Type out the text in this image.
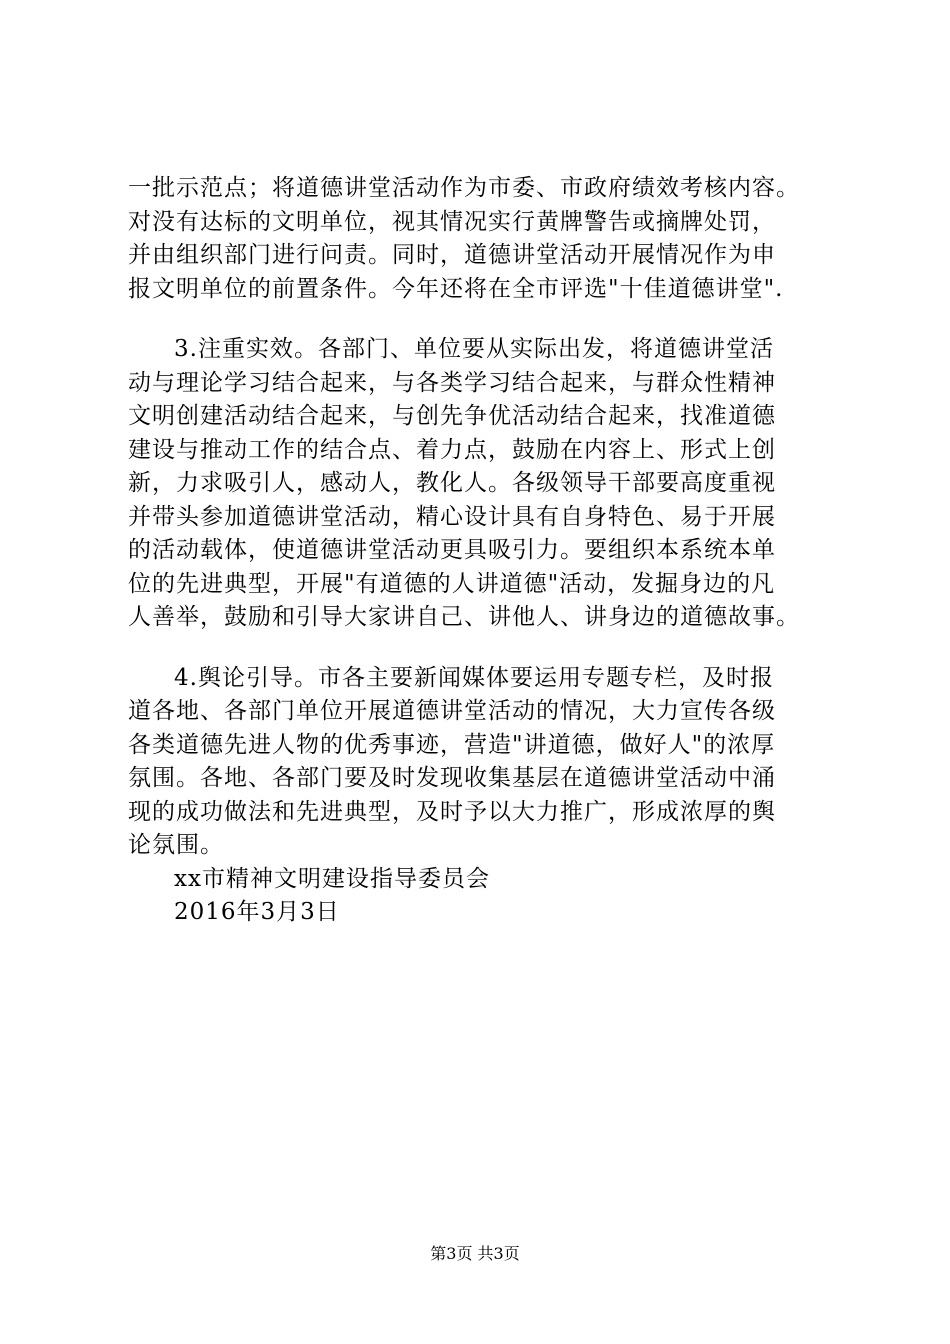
一批示范点；将道德讲堂活动作为市委、市政府绩效考核内容。
对没有达标的文明单位，视其情况实行黄牌警告或摘牌处罚，
并由组织部门进行问责。同时，道德讲堂活动开展情况作为申
报文明单位的前置条件。今年还将在全市评选"十佳道德讲堂".
3.注重实效。各部门、单位要从实际出发，将道德讲堂活
动与理论学习结合起来，与各类学习结合起来，与群众性精神
文明创建活动结合起来，与创先争优活动结合起来，找准道德
建设与推动工作的结合点、着力点，鼓励在内容上、形式上创
新，力求吸引人，感动人，教化人。各级领导干部要高度重视
并带头参加道德讲堂活动，精心设计具有自身特色、易于开展
的活动载体，使道德讲堂活动更具吸引力。要组织本系统本单
位的先进典型，开展"有道德的人讲道德"活动，发掘身边的凡
人善举，鼓励和引导大家讲自己、讲他人、讲身边的道德故事。
4.舆论引导。市各主要新闻媒体要运用专题专栏，及时报
道各地、各部门单位开展道德讲堂活动的情况，大力宣传各级
各类道德先进人物的优秀事迹，营造"讲道德，做好人"的浓厚
氛围。各地、各部门要及时发现收集基层在道德讲堂活动中涌
现的成功做法和先进典型，及时予以大力推广，形成浓厚的舆
论氛围。
xx市精神文明建设指导委员会
2016年3月3日
第3页 共3页
